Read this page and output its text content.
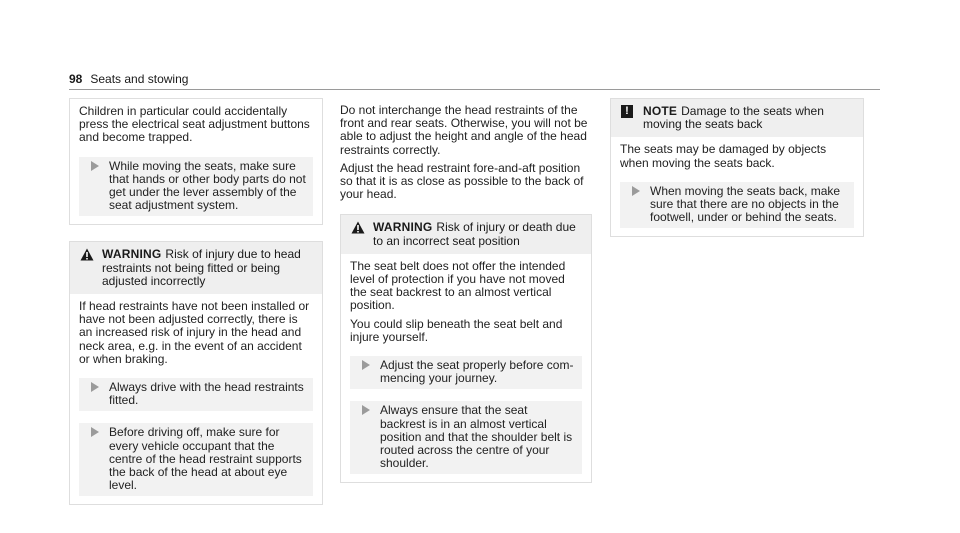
98 Seats and stowing

Children in particular could accidentally press the electrical seat adjustment buttons and become trapped.

While moving the seats, make sure that hands or other body parts do not get under the lever assembly of the seat adjustment system.
WARNING Risk of injury due to head restraints not being fitted or being adjusted incorrectly

If head restraints have not been installed or have not been adjusted correctly, there is an increased risk of injury in the head and neck area, e.g. in the event of an accident or when braking.

Always drive with the head restraints fitted.
Before driving off, make sure for every vehicle occupant that the centre of the head restraint supports the back of the head at about eye level.

Do not interchange the head restraints of the front and rear seats. Otherwise, you will not be able to adjust the height and angle of the head restraints correctly.

Adjust the head restraint fore-and-aft position so that it is as close as possible to the back of your head.

WARNING Risk of injury or death due to an incorrect seat position

The seat belt does not offer the intended level of protection if you have not moved the seat backrest to an almost vertical position.

You could slip beneath the seat belt and injure yourself.

Adjust the seat properly before commencing your journey.
Always ensure that the seat backrest is in an almost vertical position and that the shoulder belt is routed across the centre of your shoulder.
!	NOTE Damage to the seats when moving the seats back

The seats may be damaged by objects when moving the seats back.

When moving the seats back, make sure that there are no objects in the footwell, under or behind the seats.
